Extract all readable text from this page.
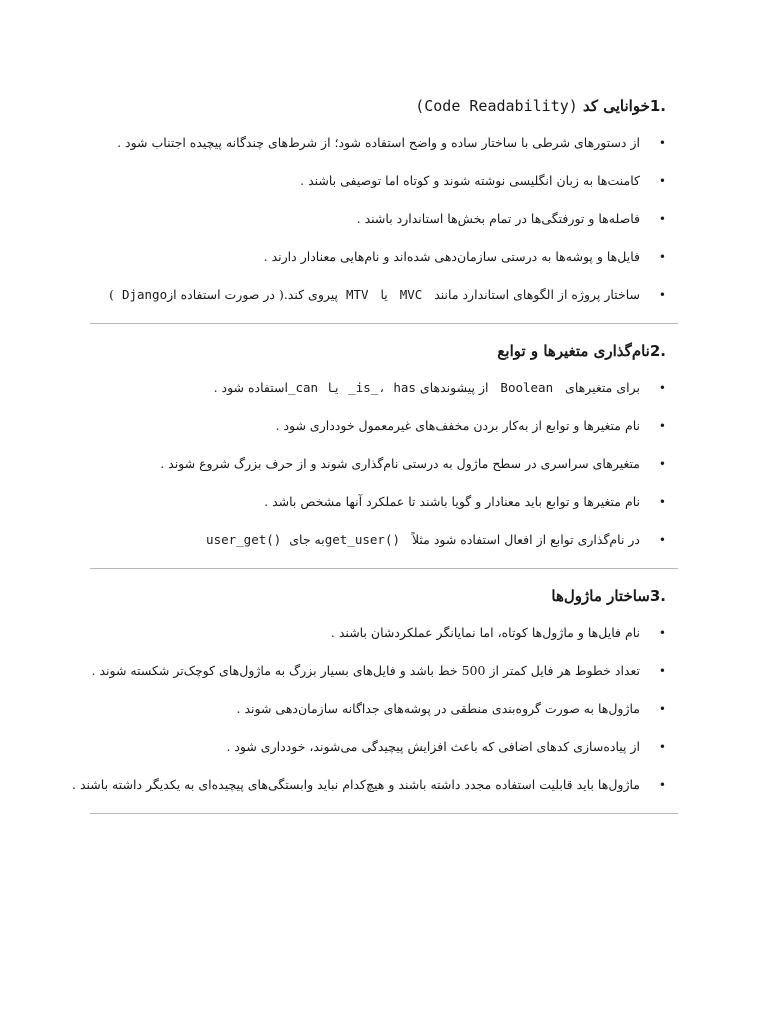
.1خوانایی کد (Code Readability)
•
از دستورهای شرطی با ساختار ساده و واضح استفاده شود؛ از شرط‌های چندگانه پیچیده اجتناب شود .
•
کامنت‌ها به زبان انگلیسی نوشته شوند و کوتاه اما توصیفی باشند .
•
فاصله‌ها و تورفتگی‌ها در تمام بخش‌ها استاندارد باشند .
•
فایل‌ها و پوشه‌ها به درستی سازمان‌دهی شده‌اند و نام‌هایی معنادار دارند .
•
ساختار پروژه از الگوهای استاندارد مانند   MVC   یا   MTV  پیروی کند.( در صورت استفاده ازDjango  )
.2نام‌گذاری متغیرها و توابع
•
برای متغیرهای   Boolean   از پیشوندهای is_، has_ یا can_استفاده شود .
•
نام متغیرها و توابع از به‌کار بردن مخفف‌های غیرمعمول خودداری شود .
•
متغیرهای سراسری در سطح ماژول به درستی نام‌گذاری شوند و از حرف بزرگ شروع شوند .
•
نام متغیرها و توابع باید معنادار و گویا باشند تا عملکرد آنها مشخص باشد .
•
در نام‌گذاری توابع از افعال استفاده شود مثلاً   get_user()به جای  user_get()
.3ساختار ماژول‌ها
•
نام فایل‌ها و ماژول‌ها کوتاه، اما نمایانگر عملکردشان باشند .
•
تعداد خطوط هر فایل کمتر از 500 خط باشد و فایل‌های بسیار بزرگ به ماژول‌های کوچک‌تر شکسته شوند .
•
ماژول‌ها به صورت گروه‌بندی منطقی در پوشه‌های جداگانه سازمان‌دهی شوند .
•
از پیاده‌سازی کدهای اضافی که باعث افزایش پیچیدگی می‌شوند، خودداری شود .
•
ماژول‌ها باید قابلیت استفاده مجدد داشته باشند و هیچ‌کدام نباید وابستگی‌های پیچیده‌ای به یکدیگر داشته باشند .
